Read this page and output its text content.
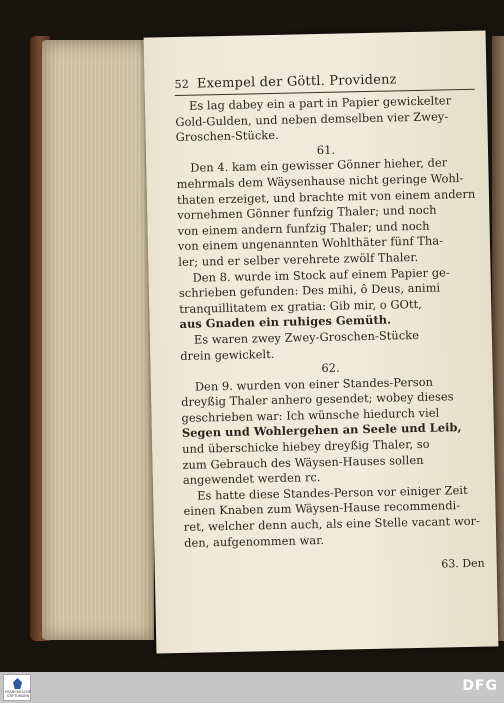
52 Exempel der Göttl. Providenz
Es lag dabey ein a part in Papier gewickelter
Gold-Gulden, und neben demselben vier Zwey-
Groschen-Stücke.
61.
Den 4. kam ein gewisser Gönner hieher, der
mehrmals dem Wäysenhause nicht geringe Wohl-
thaten erzeiget, und brachte mit von einem andern
vornehmen Gönner funfzig Thaler; und noch
von einem andern funfzig Thaler; und noch
von einem ungenannten Wohlthäter fünf Tha-
ler; und er selber verehrete zwölf Thaler.
Den 8. wurde im Stock auf einem Papier ge-
schrieben gefunden: Des mihi, ô Deus, animi
tranquillitatem ex gratia: Gib mir, o GOtt,
aus Gnaden ein ruhiges Gemüth.
Es waren zwey Zwey-Groschen-Stücke
drein gewickelt.
62.
Den 9. wurden von einer Standes-Person
dreyßig Thaler anhero gesendet; wobey dieses
geschrieben war: Ich wünsche hiedurch viel
Segen und Wohlergehen an Seele und Leib,
und überschicke hiebey dreyßig Thaler, so
zum Gebrauch des Wäysen-Hauses sollen
angewendet werden rc.
Es hatte diese Standes-Person vor einiger Zeit
einen Knaben zum Wäysen-Hause recommendi-
ret, welcher denn auch, als eine Stelle vacant wor-
den, aufgenommen war.
63. Den
FRANCKESCHE
STIFTUNGEN
DFG
